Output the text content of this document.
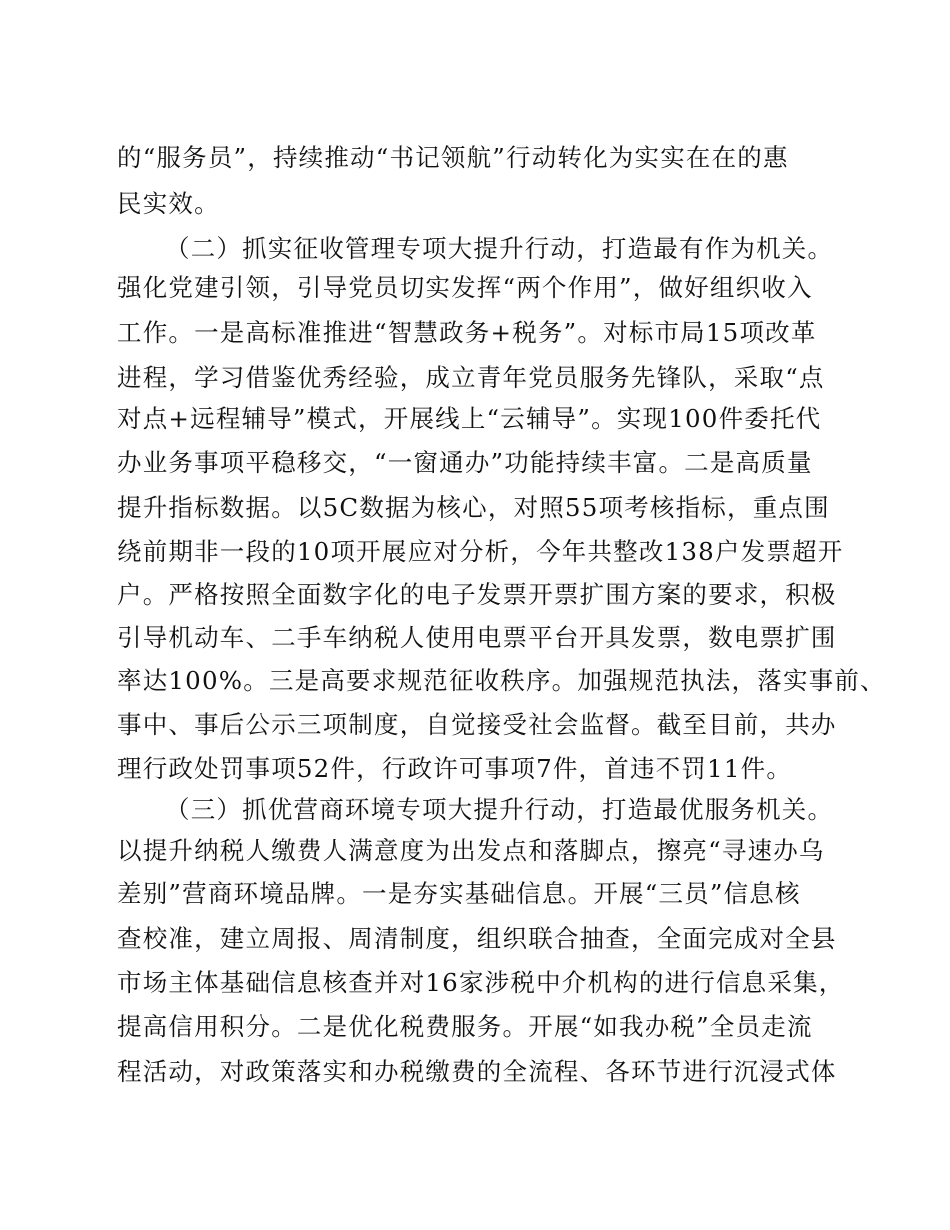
的“服务员”，持续推动“书记领航”行动转化为实实在在的惠
民实效。
（二）抓实征收管理专项大提升行动，打造最有作为机关。
强化党建引领，引导党员切实发挥“两个作用”，做好组织收入
工作。一是高标准推进“智慧政务+税务”。对标市局15项改革
进程，学习借鉴优秀经验，成立青年党员服务先锋队，采取“点
对点+远程辅导”模式，开展线上“云辅导”。实现100件委托代
办业务事项平稳移交，“一窗通办”功能持续丰富。二是高质量
提升指标数据。以5C数据为核心，对照55项考核指标，重点围
绕前期非一段的10项开展应对分析，今年共整改138户发票超开
户。严格按照全面数字化的电子发票开票扩围方案的要求，积极
引导机动车、二手车纳税人使用电票平台开具发票，数电票扩围
率达100%。三是高要求规范征收秩序。加强规范执法，落实事前、
事中、事后公示三项制度，自觉接受社会监督。截至目前，共办
理行政处罚事项52件，行政许可事项7件，首违不罚11件。
（三）抓优营商环境专项大提升行动，打造最优服务机关。
以提升纳税人缴费人满意度为出发点和落脚点，擦亮“寻速办乌
差别”营商环境品牌。一是夯实基础信息。开展“三员”信息核
查校准，建立周报、周清制度，组织联合抽查，全面完成对全县
市场主体基础信息核查并对16家涉税中介机构的进行信息采集，
提高信用积分。二是优化税费服务。开展“如我办税”全员走流
程活动，对政策落实和办税缴费的全流程、各环节进行沉浸式体
